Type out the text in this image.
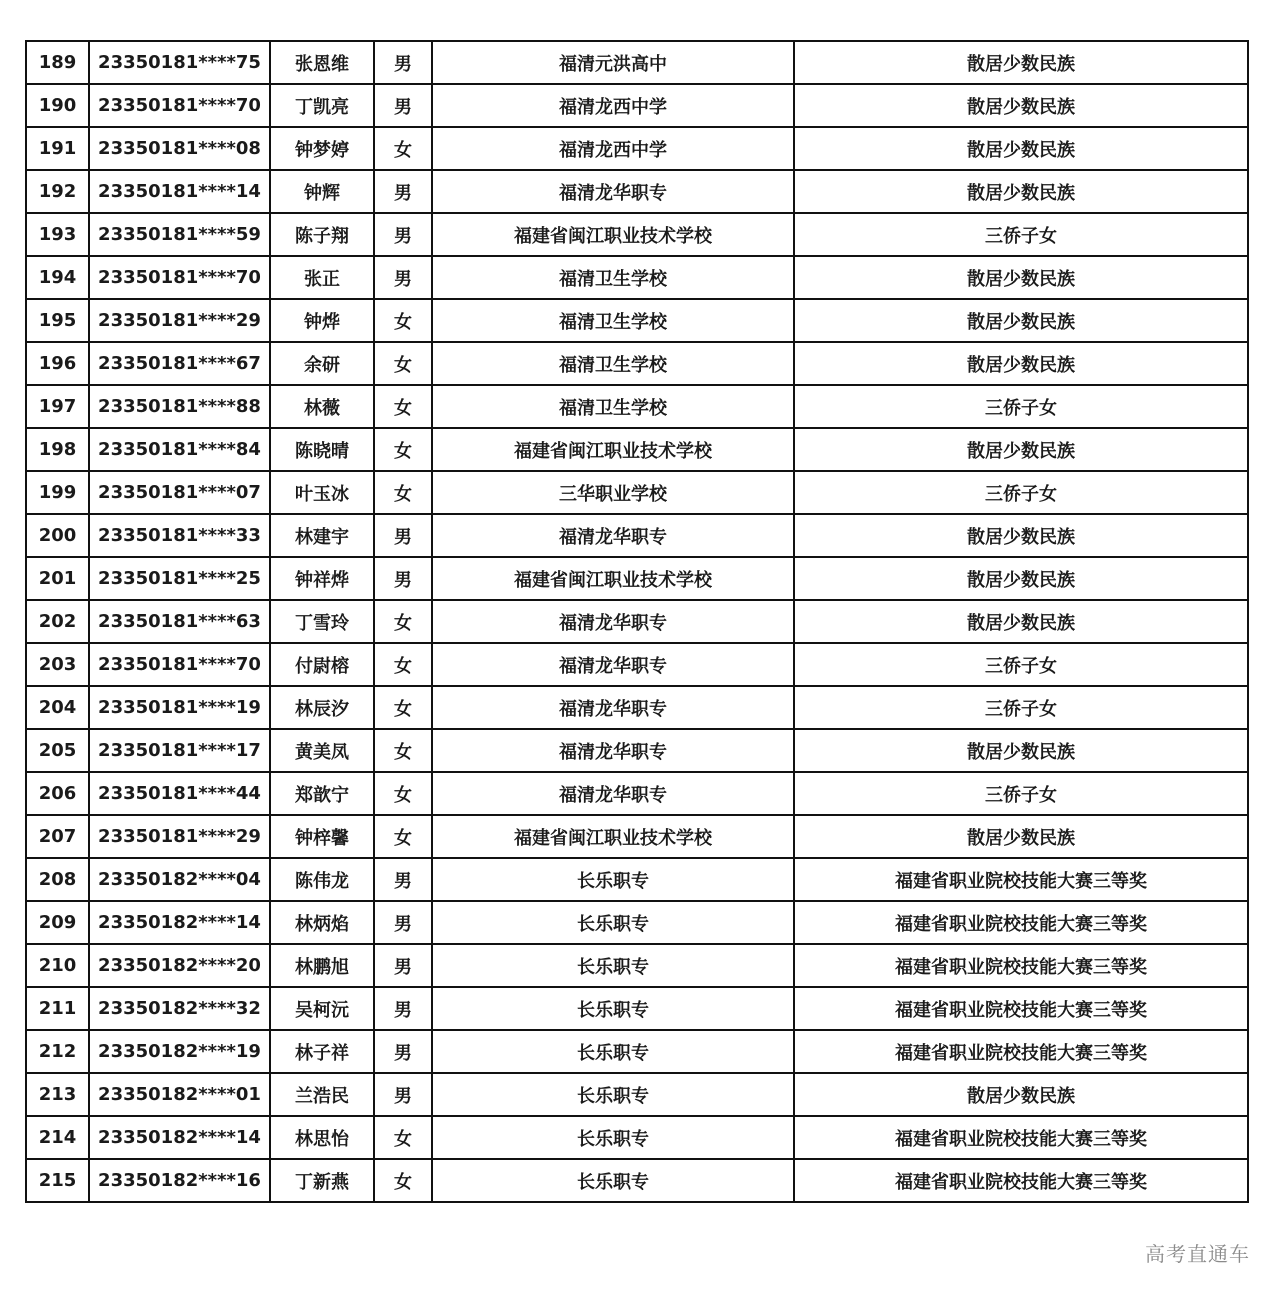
189	23350181****75	张恩维	男	福清元洪高中	散居少数民族
190	23350181****70	丁凯亮	男	福清龙西中学	散居少数民族
191	23350181****08	钟梦婷	女	福清龙西中学	散居少数民族
192	23350181****14	钟辉	男	福清龙华职专	散居少数民族
193	23350181****59	陈子翔	男	福建省闽江职业技术学校	三侨子女
194	23350181****70	张正	男	福清卫生学校	散居少数民族
195	23350181****29	钟烨	女	福清卫生学校	散居少数民族
196	23350181****67	余研	女	福清卫生学校	散居少数民族
197	23350181****88	林薇	女	福清卫生学校	三侨子女
198	23350181****84	陈晓晴	女	福建省闽江职业技术学校	散居少数民族
199	23350181****07	叶玉冰	女	三华职业学校	三侨子女
200	23350181****33	林建宇	男	福清龙华职专	散居少数民族
201	23350181****25	钟祥烨	男	福建省闽江职业技术学校	散居少数民族
202	23350181****63	丁雪玲	女	福清龙华职专	散居少数民族
203	23350181****70	付尉榕	女	福清龙华职专	三侨子女
204	23350181****19	林辰汐	女	福清龙华职专	三侨子女
205	23350181****17	黄美凤	女	福清龙华职专	散居少数民族
206	23350181****44	郑歆宁	女	福清龙华职专	三侨子女
207	23350181****29	钟梓馨	女	福建省闽江职业技术学校	散居少数民族
208	23350182****04	陈伟龙	男	长乐职专	福建省职业院校技能大赛三等奖
209	23350182****14	林炳焰	男	长乐职专	福建省职业院校技能大赛三等奖
210	23350182****20	林鹏旭	男	长乐职专	福建省职业院校技能大赛三等奖
211	23350182****32	吴柯沅	男	长乐职专	福建省职业院校技能大赛三等奖
212	23350182****19	林子祥	男	长乐职专	福建省职业院校技能大赛三等奖
213	23350182****01	兰浩民	男	长乐职专	散居少数民族
214	23350182****14	林思怡	女	长乐职专	福建省职业院校技能大赛三等奖
215	23350182****16	丁新燕	女	长乐职专	福建省职业院校技能大赛三等奖
高考直通车
